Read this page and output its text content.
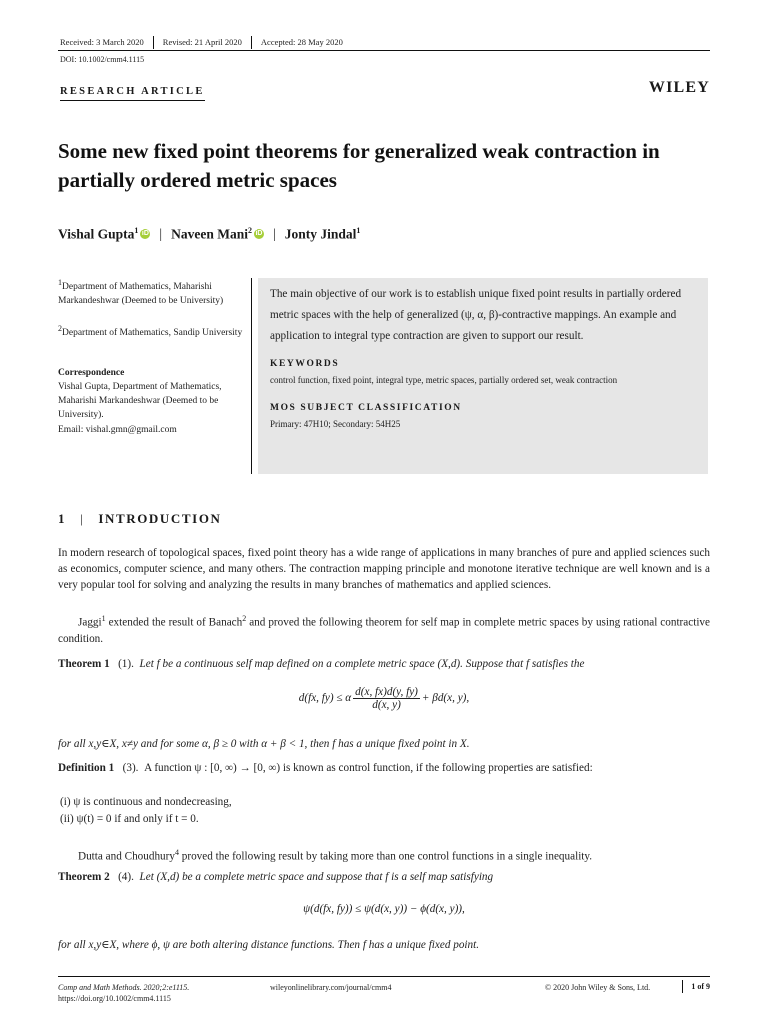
Received: 3 March 2020	Revised: 21 April 2020	Accepted: 28 May 2020
DOI: 10.1002/cmm4.1115
RESEARCH ARTICLE	WILEY
Some new fixed point theorems for generalized weak contraction in partially ordered metric spaces
Vishal Gupta$^1$ iD | Naveen Mani$^2$ iD | Jonty Jindal$^1$
$^1$Department of Mathematics, Maharishi Markandeshwar (Deemed to be University)
$^2$Department of Mathematics, Sandip University
Correspondence
Vishal Gupta, Department of Mathematics, Maharishi Markandeshwar (Deemed to be University).
Email: vishal.gmn@gmail.com

The main objective of our work is to establish unique fixed point results in partially ordered metric spaces with the help of generalized (ψ, α, β)-contractive mappings. An example and application to integral type contraction are given to support our result.

KEYWORDS
control function, fixed point, integral type, metric spaces, partially ordered set, weak contraction
MOS SUBJECT CLASSIFICATION
Primary: 47H10; Secondary: 54H25
1 | INTRODUCTION
In modern research of topological spaces, fixed point theory has a wide range of applications in many branches of pure and applied sciences such as economics, computer science, and many others. The contraction mapping principle and monotone iterative technique are well known and is a very popular tool for solving and analyzing the results in many branches of mathematics and applied sciences.
Jaggi$^1$ extended the result of Banach$^2$ and proved the following theorem for self map in complete metric spaces by using rational contractive condition.
Theorem 1 (1). Let f be a continuous self map defined on a complete metric space (X,d). Suppose that f satisfies the
d(fx, fy) ≤ α $\frac{d(x, fx)d(y, fy)}{d(x, y)} + \beta d(x$, y),
for all x,y∈X, x≠y and for some α, β ≥ 0 with α + β < 1, then f has a unique fixed point in X.
Definition 1 (3). A function ψ : [0, ∞) → [0, ∞) is known as control function, if the following properties are satisfied:
(i) ψ is continuous and nondecreasing,
(ii) ψ(t) = 0 if and only if t = 0.
Dutta and Choudhury$^4$ proved the following result by taking more than one control functions in a single inequality.
Theorem 2 (4). Let (X,d) be a complete metric space and suppose that f is a self map satisfying
ψ(d(fx, fy)) ≤ ψ(d(x, y)) − ϕ(d(x, y)),
for all x,y∈X, where ϕ, ψ are both altering distance functions. Then f has a unique fixed point.
Comp and Math Methods. 2020;2:e1115.
https://doi.org/10.1002/cmm4.1115
wileyonlinelibrary.com/journal/cmm4	© 2020 John Wiley & Sons, Ltd.	1 of 9
